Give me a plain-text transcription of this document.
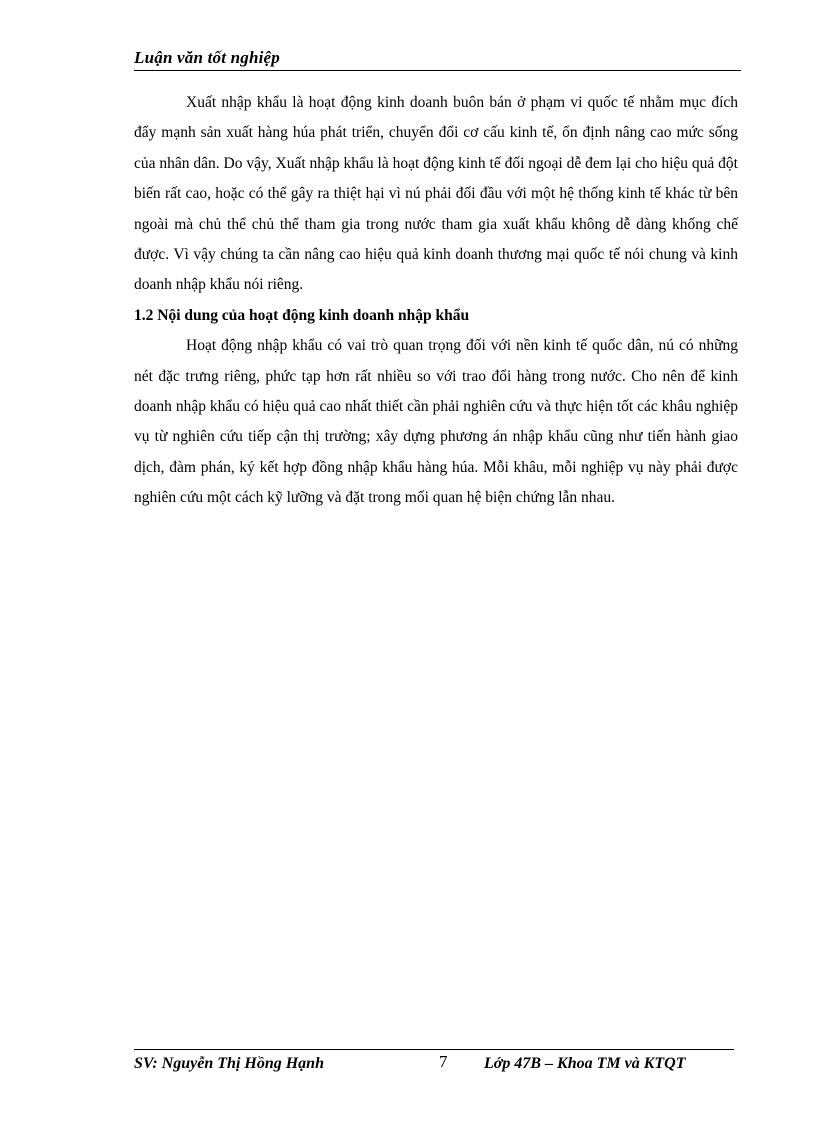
Luận văn tốt nghiệp

Xuất nhập khẩu là hoạt động kinh doanh buôn bán ở phạm vi quốc tế nhằm mục đích đẩy mạnh sản xuất hàng húa phát triển, chuyển đổi cơ cấu kinh tế, ổn định nâng cao mức sống của nhân dân. Do vậy, Xuất nhập khẩu là hoạt động kinh tế đối ngoại dễ đem lại cho hiệu quả đột biến rất cao, hoặc có thể gây ra thiệt hại vì nú phải đối đầu với một hệ thống kinh tế khác từ bên ngoài mà chủ thể chủ thể tham gia trong nước tham gia xuất khẩu không dễ dàng khống chế được. Vì vậy chúng ta cần nâng cao hiệu quả kinh doanh thương mại quốc tế nói chung và kinh doanh nhập khẩu nói riêng.

1.2 Nội dung của hoạt động kinh doanh nhập khẩu

Hoạt động nhập khẩu có vai trò quan trọng đối với nền kinh tế quốc dân, nú có những nét đặc trưng riêng, phức tạp hơn rất nhiều so với trao đổi hàng trong nước. Cho nên để kinh doanh nhập khẩu có hiệu quả cao nhất thiết cần phải nghiên cứu và thực hiện tốt các khâu nghiệp vụ từ nghiên cứu tiếp cận thị trường; xây dựng phương án nhập khẩu cũng như tiến hành giao dịch, đàm phán, ký kết hợp đồng nhập khẩu hàng húa. Mỗi khâu, mỗi nghiệp vụ này phải được nghiên cứu một cách kỹ lưỡng và đặt trong mối quan hệ biện chứng lẫn nhau.

SV: Nguyễn Thị Hồng Hạnh	7 Lớp 47B – Khoa TM và KTQT
